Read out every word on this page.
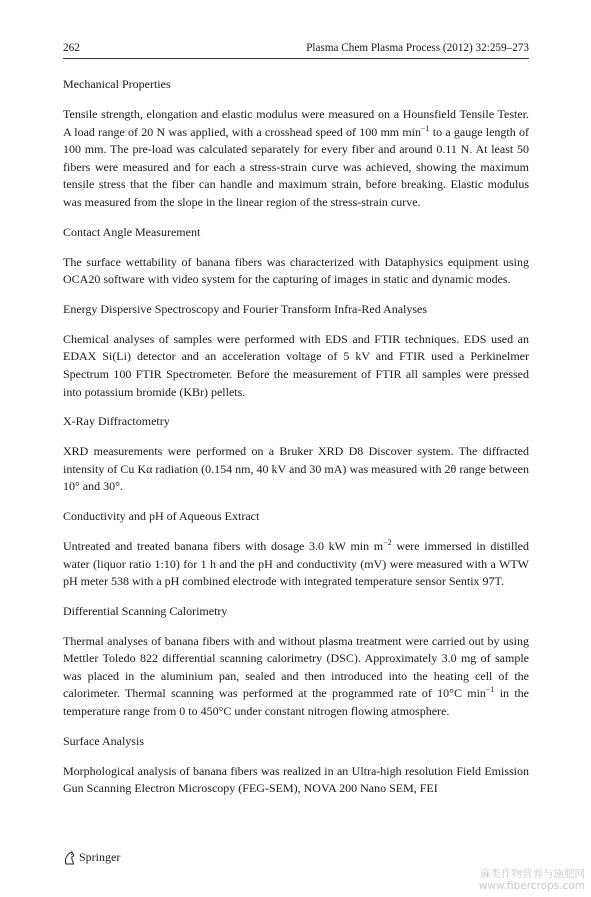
262	Plasma Chem Plasma Process (2012) 32:259–273
Mechanical Properties

Tensile strength, elongation and elastic modulus were measured on a Hounsfield Tensile Tester. A load range of 20 N was applied, with a crosshead speed of 100 mm $\min^{-1}$ to a gauge length of 100 mm. The pre-load was calculated separately for every fiber and around 0.11 N. At least 50 fibers were measured and for each a stress-strain curve was achieved, showing the maximum tensile stress that the fiber can handle and maximum strain, before breaking. Elastic modulus was measured from the slope in the linear region of the stress-strain curve.

Contact Angle Measurement

The surface wettability of banana fibers was characterized with Dataphysics equipment using OCA20 software with video system for the capturing of images in static and dynamic modes.

Energy Dispersive Spectroscopy and Fourier Transform Infra-Red Analyses

Chemical analyses of samples were performed with EDS and FTIR techniques. EDS used an EDAX Si(Li) detector and an acceleration voltage of 5 kV and FTIR used a Perkinelmer Spectrum 100 FTIR Spectrometer. Before the measurement of FTIR all samples were pressed into potassium bromide (KBr) pellets.

X-Ray Diffractometry

XRD measurements were performed on a Bruker XRD D8 Discover system. The diffracted intensity of Cu Kα radiation (0.154 nm, 40 kV and 30 mA) was measured with 2θ range between 10° and 30°.

Conductivity and pH of Aqueous Extract

Untreated and treated banana fibers with dosage 3.0 kW $\min m^{-2}$ were immersed in distilled water (liquor ratio 1:10) for 1 h and the pH and conductivity (mV) were measured with a WTW pH meter 538 with a pH combined electrode with integrated temperature sensor Sentix 97T.

Differential Scanning Calorimetry

Thermal analyses of banana fibers with and without plasma treatment were carried out by using Mettler Toledo 822 differential scanning calorimetry (DSC). Approximately 3.0 mg of sample was placed in the aluminium pan, sealed and then introduced into the heating cell of the calorimeter. Thermal scanning was performed at the programmed rate of 10°C $\min^{-1}$ in the temperature range from 0 to 450°C under constant nitrogen flowing atmosphere.

Surface Analysis

Morphological analysis of banana fibers was realized in an Ultra-high resolution Field Emission Gun Scanning Electron Microscopy (FEG-SEM), NOVA 200 Nano SEM, FEI

Springer
麻类作物营养与施肥网
www.fibercrops.com
